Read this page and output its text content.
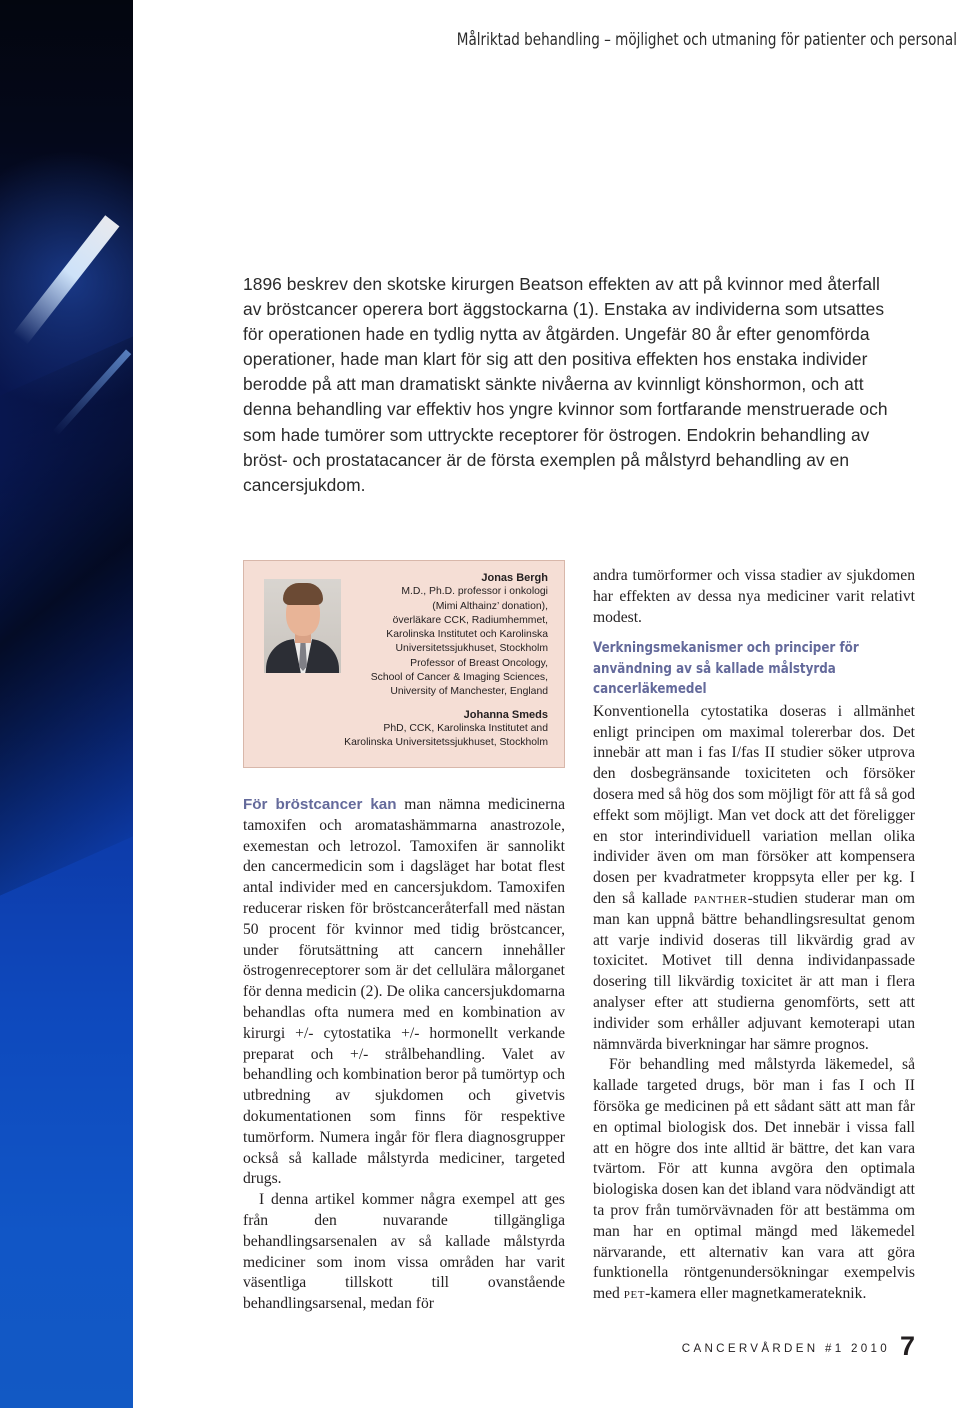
Målriktad behandling – möjlighet och utmaning för patienter och personal

1896 beskrev den skotske kirurgen Beatson effekten av att på kvinnor med återfall av bröstcancer operera bort äggstockarna (1). Enstaka av individerna som utsattes för operationen hade en tydlig nytta av åtgärden. Ungefär 80 år efter genomförda operationer, hade man klart för sig att den positiva effekten hos enstaka individer berodde på att man dramatiskt sänkte nivåerna av kvinnligt könshormon, och att denna behandling var effektiv hos yngre kvinnor som fortfarande menstruerade och som hade tumörer som uttryckte receptorer för östrogen. Endokrin behandling av bröst- och prostatacancer är de första exemplen på målstyrd behandling av en cancersjukdom.

Jonas Bergh
M.D., Ph.D. professor i onkologi
(Mimi Althainz’ donation),
överläkare CCK, Radiumhemmet,
Karolinska Institutet och Karolinska
Universitetssjukhuset, Stockholm
Professor of Breast Oncology,
School of Cancer & Imaging Sciences,
University of Manchester, England
Johanna Smeds
PhD, CCK, Karolinska Institutet and
Karolinska Universitetssjukhuset, Stockholm

För bröstcancer kan man nämna medicinerna tamoxifen och aromatashämmarna anastrozole, exemestan och letrozol. Tamoxifen är sannolikt den cancermedicin som i dagsläget har botat flest antal individer med en cancersjukdom. Tamoxifen reducerar risken för bröstcanceråterfall med nästan 50 procent för kvinnor med tidig bröstcancer, under förutsättning att cancern innehåller östrogenreceptorer som är det cellulära målorganet för denna medicin (2). De olika cancersjukdomarna behandlas ofta numera med en kombination av kirurgi +/- cytostatika +/- hormonellt verkande preparat och +/- strålbehandling. Valet av behandling och kombination beror på tumörtyp och utbredning av sjukdomen och givetvis dokumentationen som finns för respektive tumörform. Numera ingår för flera diagnosgrupper också så kallade målstyrda mediciner, targeted drugs.

I denna artikel kommer några exempel att ges från den nuvarande tillgängliga behandlingsarsenalen av så kallade målstyrda mediciner som inom vissa områden har varit väsentliga tillskott till ovanstående behandlingsarsenal, medan för

andra tumörformer och vissa stadier av sjukdomen har effekten av dessa nya mediciner varit relativt modest.

Verkningsmekanismer och principer för användning av så kallade målstyrda cancerläkemedel

Konventionella cytostatika doseras i allmänhet enligt principen om maximal tolererbar dos. Det innebär att man i fas I/fas II studier söker utprova den dosbegränsande toxiciteten och försöker dosera med så hög dos som möjligt för att få så god effekt som möjligt. Man vet dock att det föreligger en stor interindividuell variation mellan olika individer även om man försöker att kompensera dosen per kvadratmeter kroppsyta eller per kg. I den så kallade panther-studien studerar man om man kan uppnå bättre behandlingsresultat genom att varje individ doseras till likvärdig grad av toxicitet. Motivet till denna individanpassade dosering till likvärdig toxicitet är att man i flera analyser efter att studierna genomförts, sett att individer som erhåller adjuvant kemoterapi utan nämnvärda biverkningar har sämre prognos.

För behandling med målstyrda läkemedel, så kallade targeted drugs, bör man i fas I och II försöka ge medicinen på ett sådant sätt att man får en optimal biologisk dos. Det innebär i vissa fall att en högre dos inte alltid är bättre, det kan vara tvärtom. För att kunna avgöra den optimala biologiska dosen kan det ibland vara nödvändigt att ta prov från tumörvävnaden för att bestämma om man har en optimal mängd med läkemedel närvarande, ett alternativ kan vara att göra funktionella röntgenundersökningar exempelvis med pet-kamera eller magnetkamerateknik.

CANCERVÅRDEN #1 2010 7
